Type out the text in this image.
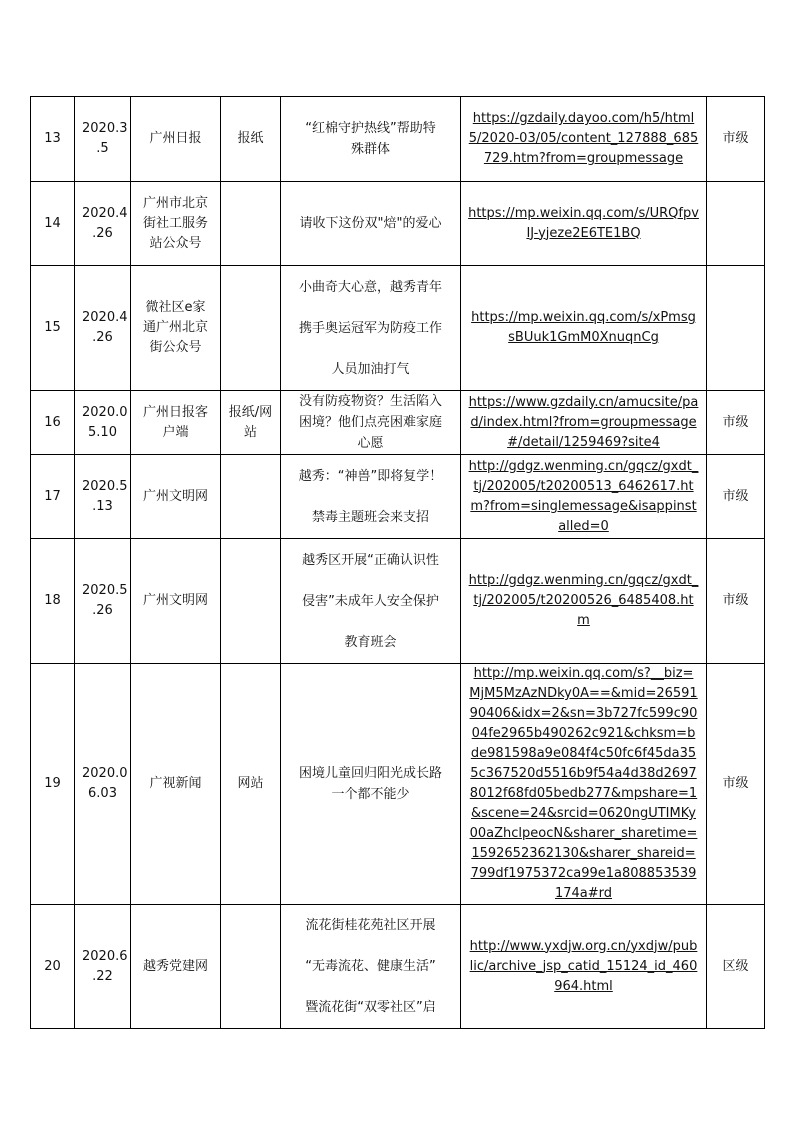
13	2020.3
.5	广州日报	报纸	“红棉守护热线”帮助特
殊群体	https://gzdaily.dayoo.com/h5/html5/2020-03/05/content_127888_685729.htm?from=groupmessage	市级
14	2020.4
.26	广州市北京
街社工服务
站公众号		请收下这份双"焙"的爱心	https://mp.weixin.qq.com/s/URQfpvIJ-yjeze2E6TE1BQ	
15	2020.4
.26	微社区e家
通广州北京
街公众号		小曲奇大心意，越秀青年
携手奥运冠军为防疫工作
人员加油打气	https://mp.weixin.qq.com/s/xPmsgsBUuk1GmM0XnuqnCg	
16	2020.0
5.10	广州日报客
户端	报纸/网
站	没有防疫物资？生活陷入
困境？他们点亮困难家庭
心愿	https://www.gzdaily.cn/amucsite/pad/index.html?from=groupmessage#/detail/1259469?site4	市级
17	2020.5
.13	广州文明网		越秀：“神兽”即将复学！
禁毒主题班会来支招	http://gdgz.wenming.cn/gqcz/gxdt_tj/202005/t20200513_6462617.htm?from=singlemessage&isappinstalled=0	市级
18	2020.5
.26	广州文明网		越秀区开展“正确认识性
侵害”未成年人安全保护
教育班会	http://gdgz.wenming.cn/gqcz/gxdt_tj/202005/t20200526_6485408.htm	市级
19	2020.0
6.03	广视新闻	网站	困境儿童回归阳光成长路
一个都不能少	http://mp.weixin.qq.com/s?__biz=MjM5MzAzNDky0A==&mid=2659190406&idx=2&sn=3b727fc599c9004fe2965b490262c921&chksm=bde981598a9e084f4c50fc6f45da355c367520d5516b9f54a4d38d26978012f68fd05bedb277&mpshare=1&scene=24&srcid=0620ngUTIMKy00aZhclpeocN&sharer_sharetime=1592652362130&sharer_shareid=799df1975372ca99e1a808853539174a#rd	市级
20	2020.6
.22	越秀党建网		流花街桂花苑社区开展
“无毒流花、健康生活”
暨流花街“双零社区”启	http://www.yxdjw.org.cn/yxdjw/public/archive_jsp_catid_15124_id_460964.html	区级
